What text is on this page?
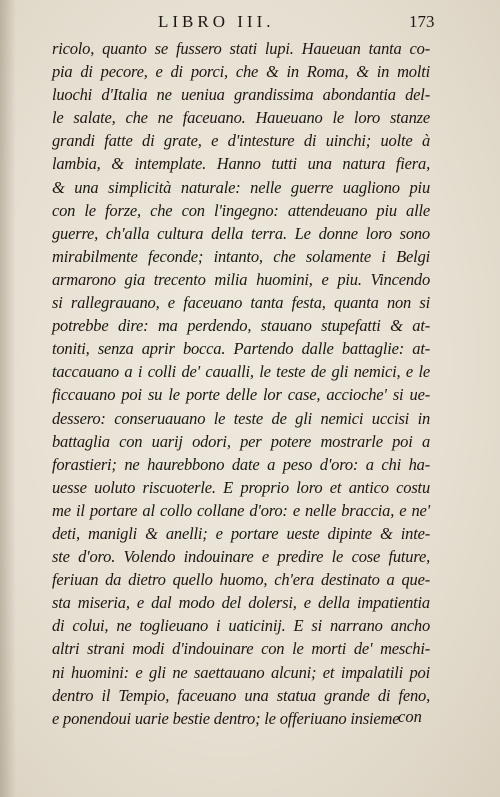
LIBRO III.	173
ricolo, quanto se fussero stati lupi. Haueuan tanta co-
pia di pecore, e di porci, che & in Roma, & in molti
luochi d'Italia ne ueniua grandissima abondantia del-
le salate, che ne faceuano. Haueuano le loro stanze
grandi fatte di grate, e d'intesture di uinchi; uolte à
lambia, & intemplate. Hanno tutti una natura fiera,
& una simplicità naturale: nelle guerre uagliono piu
con le forze, che con l'ingegno: attendeuano piu alle
guerre, ch'alla cultura della terra. Le donne loro sono
mirabilmente feconde; intanto, che solamente i Belgi
armarono gia trecento milia huomini, e piu. Vincendo
si rallegrauano, e faceuano tanta festa, quanta non si
potrebbe dire: ma perdendo, stauano stupefatti & at-
toniti, senza aprir bocca. Partendo dalle battaglie: at-
taccauano a i colli de' caualli, le teste de gli nemici, e le
ficcauano poi su le porte delle lor case, accioche' si ue-
dessero: conseruauano le teste de gli nemici uccisi in
battaglia con uarij odori, per potere mostrarle poi a
forastieri; ne haurebbono date a peso d'oro: a chi ha-
uesse uoluto riscuoterle. E proprio loro et antico costu
me il portare al collo collane d'oro: e nelle braccia, e ne'
deti, manigli & anelli; e portare ueste dipinte & inte-
ste d'oro. Volendo indouinare e predire le cose future,
feriuan da dietro quello huomo, ch'era destinato a que-
sta miseria, e dal modo del dolersi, e della impatientia
di colui, ne toglieuano i uaticinij. E si narrano ancho
altri strani modi d'indouinare con le morti de' meschi-
ni huomini: e gli ne saettauano alcuni; et impalatili poi
dentro il Tempio, faceuano una statua grande di feno,
e ponendoui uarie bestie dentro; le offeriuano insieme
con
